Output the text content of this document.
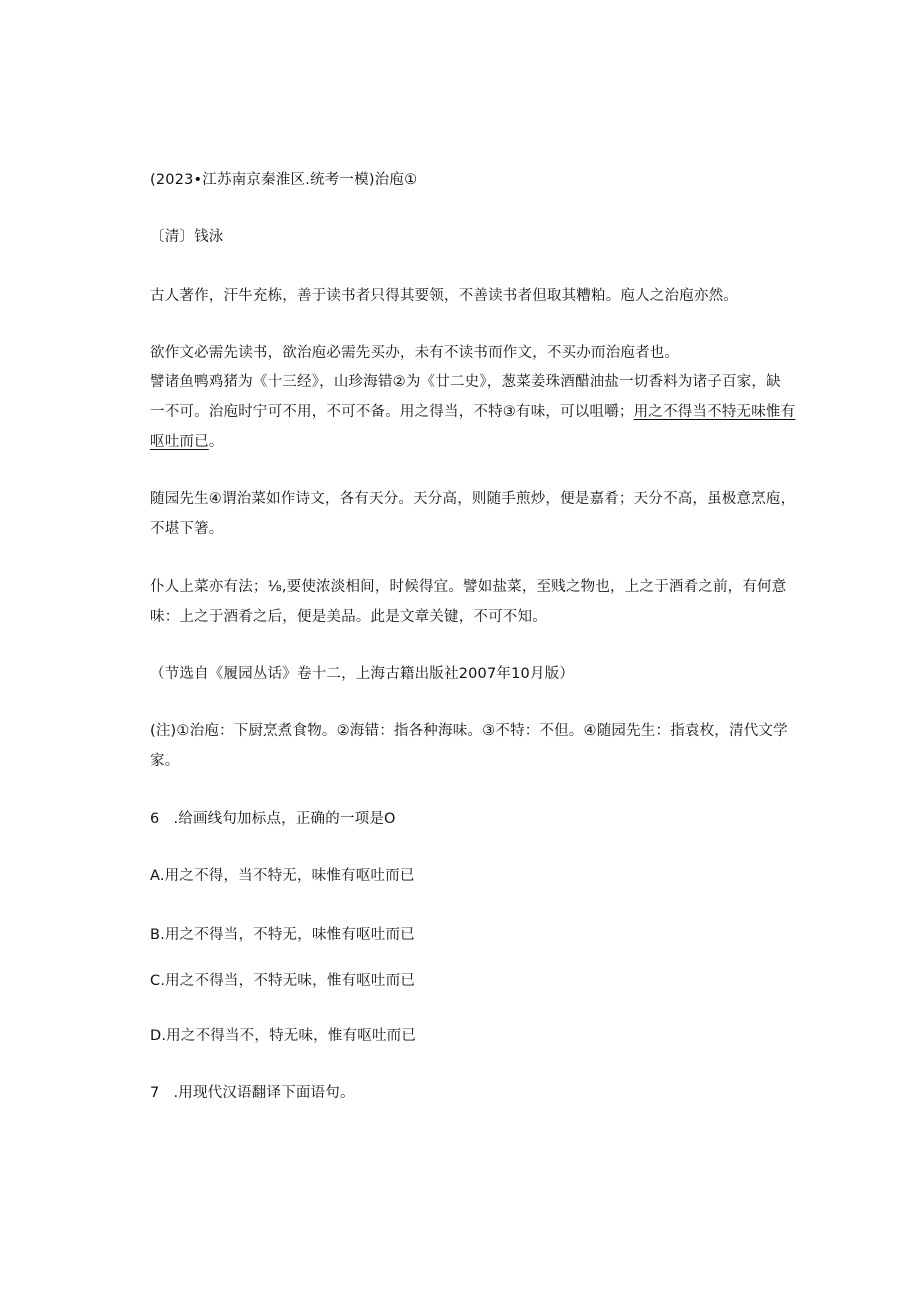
(2023•江苏南京秦淮区.统考一模)治庖①
〔清〕钱泳
古人著作，汗牛充栋，善于读书者只得其要领，不善读书者但取其糟粕。庖人之治庖亦然。
欲作文必需先读书，欲治庖必需先买办，未有不读书而作文，不买办而治庖者也。
譬诸鱼鸭鸡猪为《十三经》，山珍海错②为《廿二史》，葱菜姜珠酒醋油盐一切香料为诸子百家，缺
一不可。治庖时宁可不用，不可不备。用之得当，不特③有味，可以咀嚼；用之不得当不特无味惟有
呕吐而已。
随园先生④谓治菜如作诗文，各有天分。天分高，则随手煎炒，便是嘉肴；天分不高，虽极意烹庖，
不堪下箸。
仆人上菜亦有法；⅛,要使浓淡相间，时候得宜。譬如盐菜，至贱之物也，上之于酒肴之前，有何意
味：上之于酒肴之后，便是美品。此是文章关键，不可不知。
（节选自《履园丛话》卷十二，上海古籍出版社2007年10月版）
(注)①治庖：下厨烹煮食物。②海错：指各种海味。③不特：不但。④随园先生：指袁枚，清代文学
家。
6 .给画线句加标点，正确的一项是O
A.用之不得，当不特无，味惟有呕吐而已
B.用之不得当，不特无，味惟有呕吐而已
C.用之不得当，不特无味，惟有呕吐而已
D.用之不得当不，特无味，惟有呕吐而已
7 .用现代汉语翻译下面语句。
